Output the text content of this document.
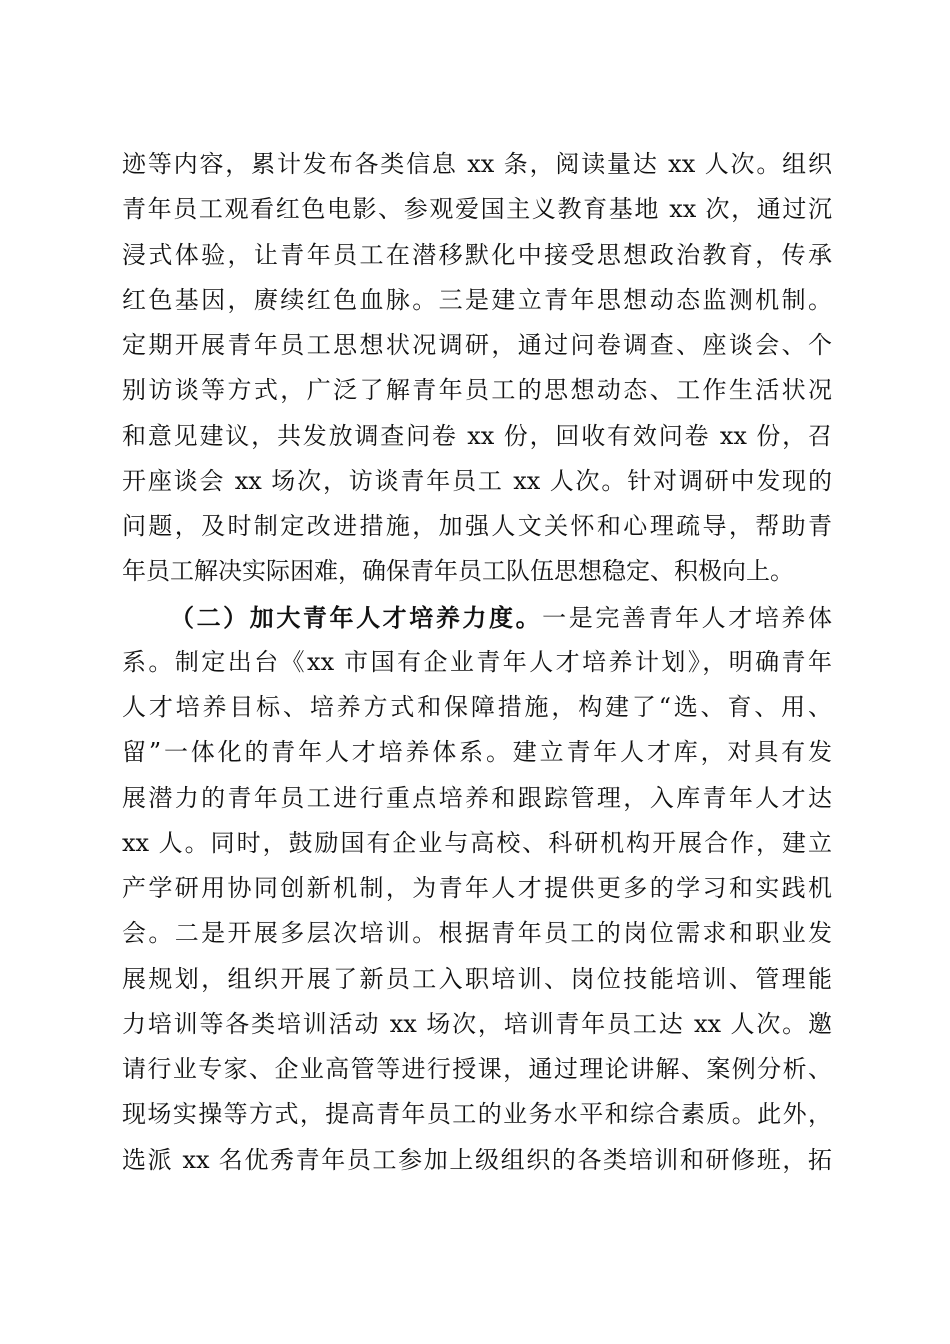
迹等内容，累计发布各类信息 xx 条，阅读量达 xx 人次。组织
青年员工观看红色电影、参观爱国主义教育基地 xx 次，通过沉
浸式体验，让青年员工在潜移默化中接受思想政治教育，传承
红色基因，赓续红色血脉。三是建立青年思想动态监测机制。
定期开展青年员工思想状况调研，通过问卷调查、座谈会、个
别访谈等方式，广泛了解青年员工的思想动态、工作生活状况
和意见建议，共发放调查问卷 xx 份，回收有效问卷 xx 份，召
开座谈会 xx 场次，访谈青年员工 xx 人次。针对调研中发现的
问题，及时制定改进措施，加强人文关怀和心理疏导，帮助青
年员工解决实际困难，确保青年员工队伍思想稳定、积极向上。
（二）加大青年人才培养力度。一是完善青年人才培养体
系。制定出台《xx 市国有企业青年人才培养计划》，明确青年
人才培养目标、培养方式和保障措施，构建了“选、育、用、
留”一体化的青年人才培养体系。建立青年人才库，对具有发
展潜力的青年员工进行重点培养和跟踪管理，入库青年人才达
xx 人。同时，鼓励国有企业与高校、科研机构开展合作，建立
产学研用协同创新机制，为青年人才提供更多的学习和实践机
会。二是开展多层次培训。根据青年员工的岗位需求和职业发
展规划，组织开展了新员工入职培训、岗位技能培训、管理能
力培训等各类培训活动 xx 场次，培训青年员工达 xx 人次。邀
请行业专家、企业高管等进行授课，通过理论讲解、案例分析、
现场实操等方式，提高青年员工的业务水平和综合素质。此外，
选派 xx 名优秀青年员工参加上级组织的各类培训和研修班，拓
